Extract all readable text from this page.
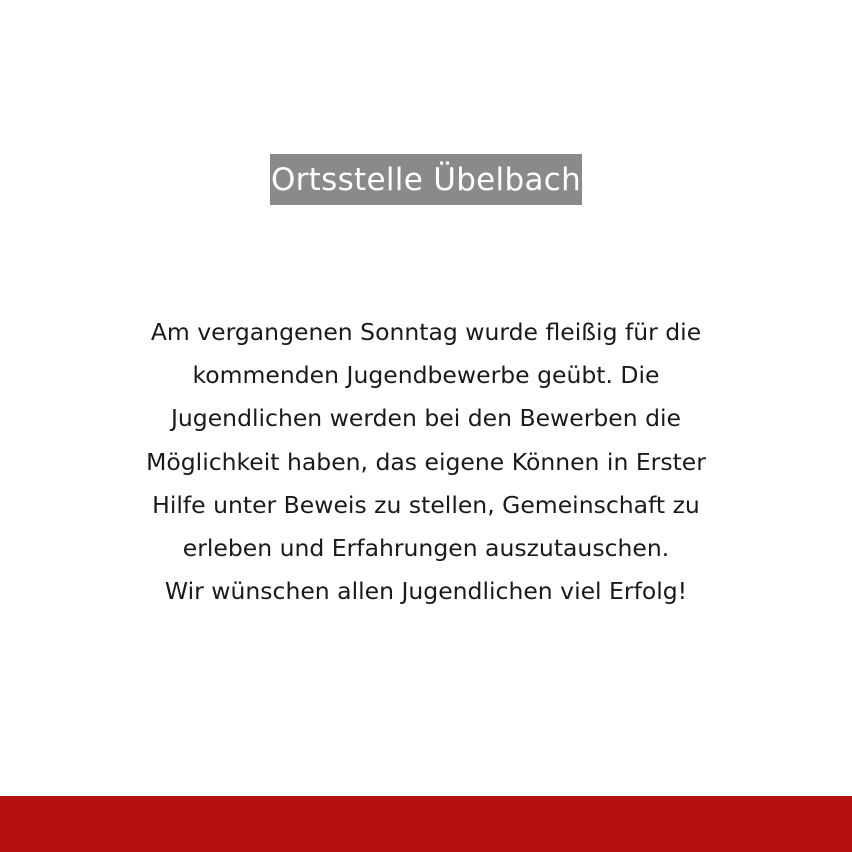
Ortsstelle Übelbach
Am vergangenen Sonntag wurde fleißig für die
kommenden Jugendbewerbe geübt. Die
Jugendlichen werden bei den Bewerben die
Möglichkeit haben, das eigene Können in Erster
Hilfe unter Beweis zu stellen, Gemeinschaft zu
erleben und Erfahrungen auszutauschen.
Wir wünschen allen Jugendlichen viel Erfolg!
